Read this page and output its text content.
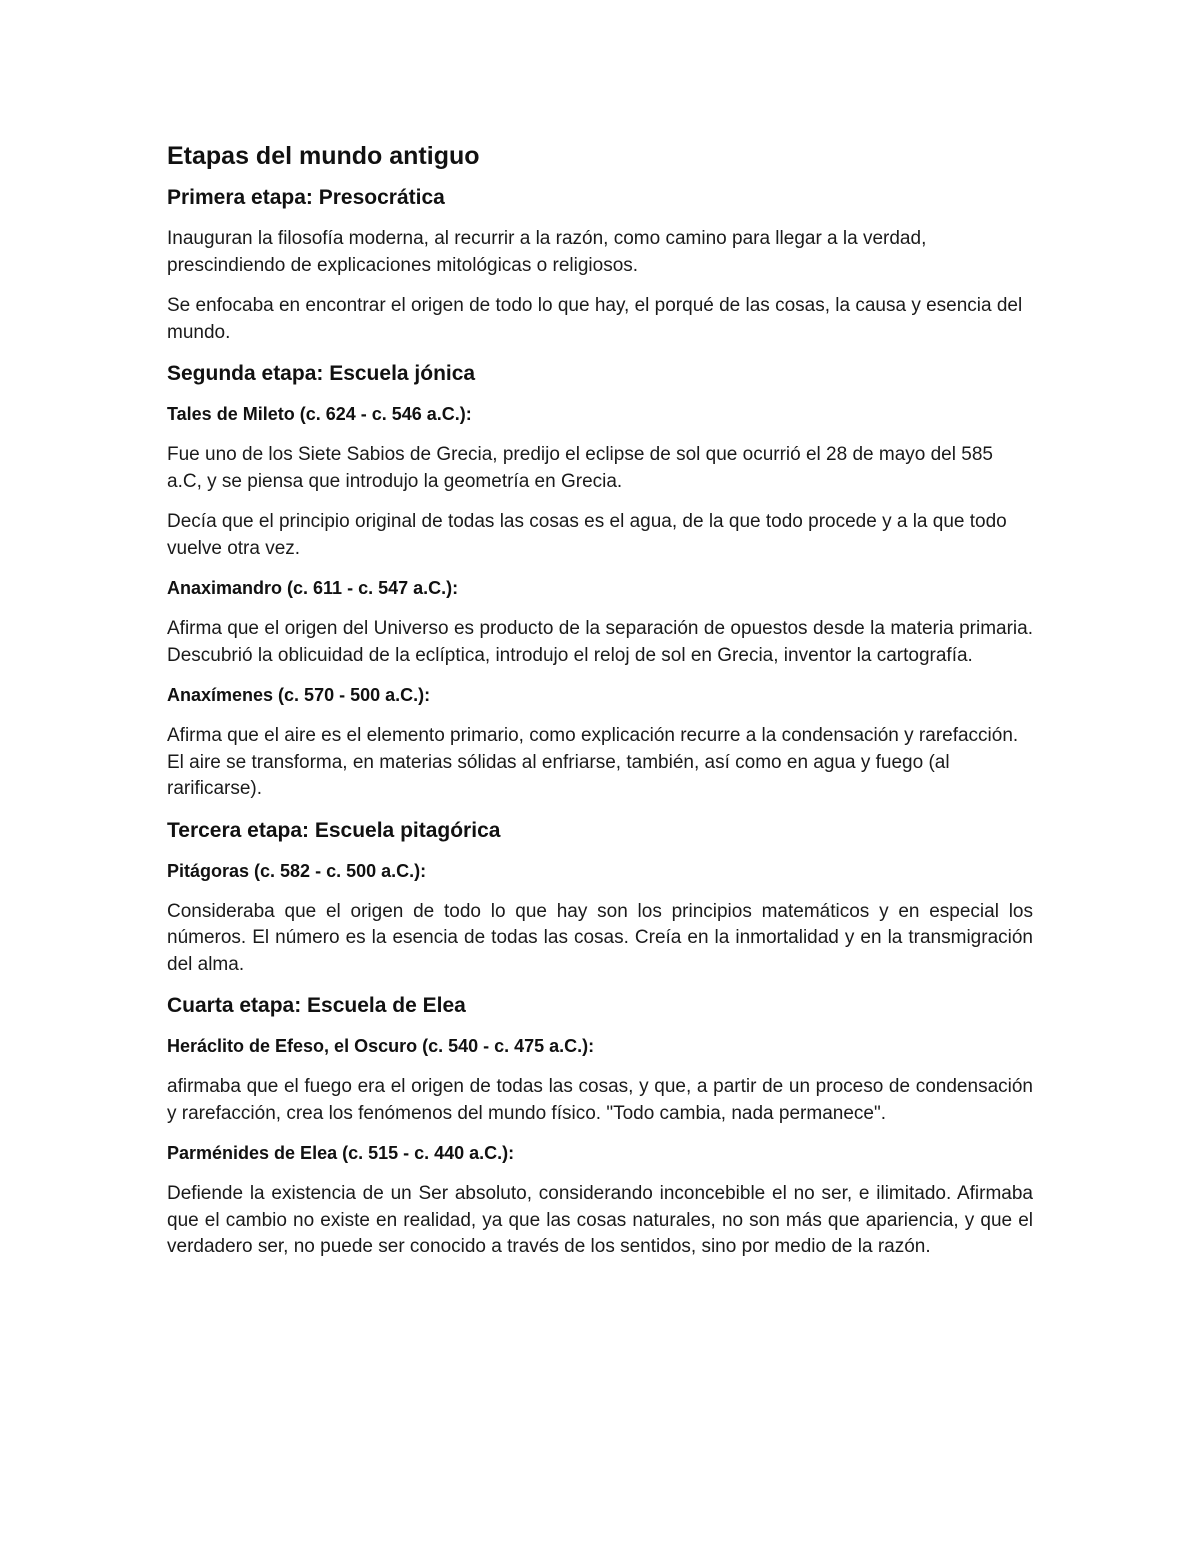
Etapas del mundo antiguo
Primera etapa: Presocrática

Inauguran la filosofía moderna, al recurrir a la razón, como camino para llegar a la verdad, prescindiendo de explicaciones mitológicas o religiosos.

Se enfocaba en encontrar el origen de todo lo que hay, el porqué de las cosas, la causa y esencia del mundo.

Segunda etapa: Escuela jónica
Tales de Mileto (c. 624 - c. 546 a.C.):

Fue uno de los Siete Sabios de Grecia, predijo el eclipse de sol que ocurrió el 28 de mayo del 585 a.C, y se piensa que introdujo la geometría en Grecia.

Decía que el principio original de todas las cosas es el agua, de la que todo procede y a la que todo vuelve otra vez.

Anaximandro (c. 611 - c. 547 a.C.):

Afirma que el origen del Universo es producto de la separación de opuestos desde la materia primaria. Descubrió la oblicuidad de la eclíptica, introdujo el reloj de sol en Grecia, inventor la cartografía.

Anaxímenes (c. 570 - 500 a.C.):

Afirma que el aire es el elemento primario, como explicación recurre a la condensación y rarefacción. El aire se transforma, en materias sólidas al enfriarse, también, así como en agua y fuego (al rarificarse).

Tercera etapa: Escuela pitagórica
Pitágoras (c. 582 - c. 500 a.C.):

Consideraba que el origen de todo lo que hay son los principios matemáticos y en especial los números. El número es la esencia de todas las cosas. Creía en la inmortalidad y en la transmigración del alma.

Cuarta etapa: Escuela de Elea
Heráclito de Efeso, el Oscuro (c. 540 - c. 475 a.C.):

afirmaba que el fuego era el origen de todas las cosas, y que, a partir de un proceso de condensación y rarefacción, crea los fenómenos del mundo físico. "Todo cambia, nada permanece".

Parménides de Elea (c. 515 - c. 440 a.C.):

Defiende la existencia de un Ser absoluto, considerando inconcebible el no ser, e ilimitado. Afirmaba que el cambio no existe en realidad, ya que las cosas naturales, no son más que apariencia, y que el verdadero ser, no puede ser conocido a través de los sentidos, sino por medio de la razón.
